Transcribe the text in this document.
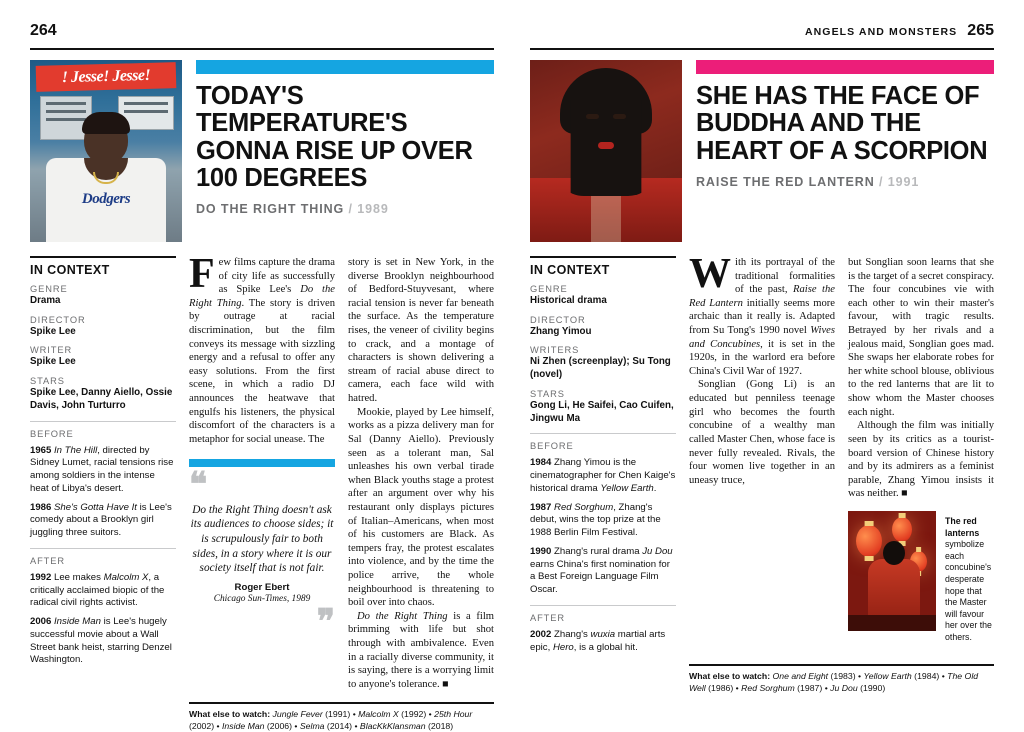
264
! Jesse! Jesse!
Dodgers
TODAY'S TEMPERATURE'S GONNA RISE UP OVER 100 DEGREES
DO THE RIGHT THING / 1989
IN CONTEXT
GENRE
Drama
DIRECTOR
Spike Lee
WRITER
Spike Lee
STARS
Spike Lee, Danny Aiello, Ossie Davis, John Turturro
BEFORE
1965 In The Hill, directed by Sidney Lumet, racial tensions rise among soldiers in the intense heat of Libya's desert.
1986 She's Gotta Have It is Lee's comedy about a Brooklyn girl juggling three suitors.
AFTER
1992 Lee makes Malcolm X, a critically acclaimed biopic of the radical civil rights activist.
2006 Inside Man is Lee's hugely successful movie about a Wall Street bank heist, starring Denzel Washington.
Few films capture the drama of city life as successfully as Spike Lee's Do the Right Thing. The story is driven by outrage at racial discrimination, but the film conveys its message with sizzling energy and a refusal to offer any easy solutions. From the first scene, in which a radio DJ announces the heatwave that engulfs his listeners, the physical discomfort of the characters is a metaphor for social unease. The
❝
Do the Right Thing doesn't ask its audiences to choose sides; it is scrupulously fair to both sides, in a story where it is our society itself that is not fair.
Roger Ebert
Chicago Sun-Times, 1989
❞

story is set in New York, in the diverse Brooklyn neighbourhood of Bedford-Stuyvesant, where racial tension is never far beneath the surface. As the temperature rises, the veneer of civility begins to crack, and a montage of characters is shown delivering a stream of racial abuse direct to camera, each face wild with hatred.

Mookie, played by Lee himself, works as a pizza delivery man for Sal (Danny Aiello). Previously seen as a tolerant man, Sal unleashes his own verbal tirade when Black youths stage a protest after an argument over why his restaurant only displays pictures of Italian–Americans, when most of his customers are Black. As tempers fray, the protest escalates into violence, and by the time the police arrive, the whole neighbourhood is threatening to boil over into chaos.

Do the Right Thing is a film brimming with life but shot through with ambivalence. Even in a racially diverse community, it is saying, there is a worrying limit to anyone's tolerance. ■

What else to watch: Jungle Fever (1991) • Malcolm X (1992) • 25th Hour (2002) • Inside Man (2006) • Selma (2014) • BlacKkKlansman (2018)
ANGELS AND MONSTERS 265
SHE HAS THE FACE OF BUDDHA AND THE HEART OF A SCORPION
RAISE THE RED LANTERN / 1991
IN CONTEXT
GENRE
Historical drama
DIRECTOR
Zhang Yimou
WRITERS
Ni Zhen (screenplay); Su Tong (novel)
STARS
Gong Li, He Saifei, Cao Cuifen, Jingwu Ma
BEFORE
1984 Zhang Yimou is the cinematographer for Chen Kaige's historical drama Yellow Earth.
1987 Red Sorghum, Zhang's debut, wins the top prize at the 1988 Berlin Film Festival.
1990 Zhang's rural drama Ju Dou earns China's first nomination for a Best Foreign Language Film Oscar.
AFTER
2002 Zhang's wuxia martial arts epic, Hero, is a global hit.

With its portrayal of the traditional formalities of the past, Raise the Red Lantern initially seems more archaic than it really is. Adapted from Su Tong's 1990 novel Wives and Concubines, it is set in the 1920s, in the warlord era before China's Civil War of 1927.

Songlian (Gong Li) is an educated but penniless teenage girl who becomes the fourth concubine of a wealthy man called Master Chen, whose face is never fully revealed. Rivals, the four women live together in an uneasy truce,

but Songlian soon learns that she is the target of a secret conspiracy. The four concubines vie with each other to win their master's favour, with tragic results. Betrayed by her rivals and a jealous maid, Songlian goes mad. She swaps her elaborate robes for her white school blouse, oblivious to the red lanterns that are lit to show whom the Master chooses each night.

Although the film was initially seen by its critics as a tourist-board version of Chinese history and by its admirers as a feminist parable, Zhang Yimou insists it was neither. ■

The red lanterns symbolize each concubine's desperate hope that the Master will favour her over the others.
What else to watch: One and Eight (1983) • Yellow Earth (1984) • The Old Well (1986) • Red Sorghum (1987) • Ju Dou (1990)
